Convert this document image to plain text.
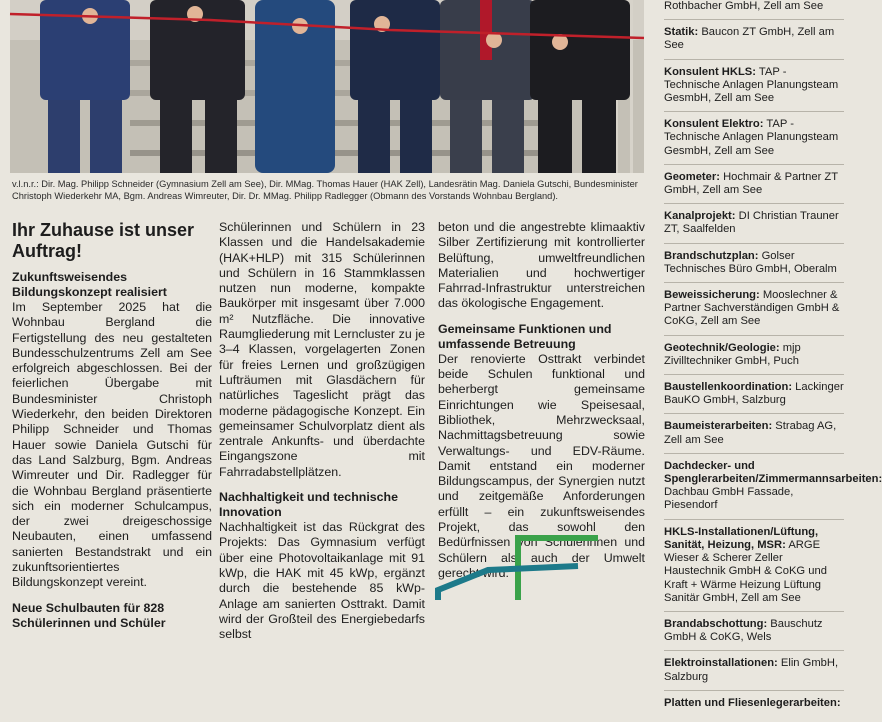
v.l.n.r.: Dir. Mag. Philipp Schneider (Gymnasium Zell am See), Dir. MMag. Thomas Hauer (HAK Zell), Landesrätin Mag. Daniela Gutschi, Bundesminister Christoph Wiederkehr MA, Bgm. Andreas Wimreuter, Dir. Dr. MMag. Philipp Radlegger (Obmann des Vorstands Wohnbau Bergland).
Ihr Zuhause ist unser Auftrag!
Zukunftsweisendes Bildungskonzept realisiert

Im September 2025 hat die Wohnbau Bergland die Fertigstellung des neu gestalteten Bundesschulzentrums Zell am See erfolgreich abgeschlossen. Bei der feierlichen Übergabe mit Bundesminister Christoph Wiederkehr, den beiden Direktoren Philipp Schneider und Thomas Hauer sowie Daniela Gutschi für das Land Salzburg, Bgm. Andreas Wimreuter und Dir. Radlegger für die Wohnbau Bergland präsentierte sich ein moderner Schulcampus, der zwei dreigeschossige Neubauten, einen umfassend sanierten Bestandstrakt und ein zukunftsorientiertes Bildungskonzept vereint.

Neue Schulbauten für 828 Schülerinnen und Schüler

Schülerinnen und Schülern in 23 Klassen und die Handelsakademie (HAK+HLP) mit 315 Schülerinnen und Schülern in 16 Stammklassen nutzen nun moderne, kompakte Baukörper mit insgesamt über 7.000 m² Nutzfläche. Die innovative Raumgliederung mit Lerncluster zu je 3–4 Klassen, vorgelagerten Zonen für freies Lernen und großzügigen Lufträumen mit Glasdächern für natürliches Tageslicht prägt das moderne pädagogische Konzept. Ein gemeinsamer Schulvorplatz dient als zentrale Ankunfts- und überdachte Eingangszone mit Fahrradabstellplätzen.

Nachhaltigkeit und technische Innovation

Nachhaltigkeit ist das Rückgrat des Projekts: Das Gymnasium verfügt über eine Photovoltaikanlage mit 91 kWp, die HAK mit 45 kWp, ergänzt durch die bestehende 85 kWp-Anlage am sanierten Osttrakt. Damit wird der Großteil des Energiebedarfs selbst

beton und die angestrebte klimaaktiv Silber Zertifizierung mit kontrollierter Belüftung, umweltfreundlichen Materialien und hochwertiger Fahrrad-Infrastruktur unterstreichen das ökologische Engagement.

Gemeinsame Funktionen und umfassende Betreuung

Der renovierte Osttrakt verbindet beide Schulen funktional und beherbergt gemeinsame Einrichtungen wie Speisesaal, Bibliothek, Mehrzwecksaal, Nachmittagsbetreuung sowie Verwaltungs- und EDV-Räume. Damit entstand ein moderner Bildungscampus, der Synergien nutzt und zeitgemäße Anforderungen erfüllt – ein zukunftsweisendes Projekt, das sowohl den Bedürfnissen von Schülerinnen und Schülern als auch der Umwelt gerecht wird.

Rothbacher GmbH, Zell am See
Statik: Baucon ZT GmbH, Zell am See
Konsulent HKLS: TAP - Technische Anlagen Planungsteam GesmbH, Zell am See
Konsulent Elektro: TAP - Technische Anlagen Planungsteam GesmbH, Zell am See
Geometer: Hochmair & Partner ZT GmbH, Zell am See
Kanalprojekt: DI Christian Trauner ZT, Saalfelden
Brandschutzplan: Golser Technisches Büro GmbH, Oberalm
Beweissicherung: Mooslechner & Partner Sachverständigen GmbH & CoKG, Zell am See
Geotechnik/Geologie: mjp Zivilltechniker GmbH, Puch
Baustellenkoordination: Lackinger BauKO GmbH, Salzburg
Baumeisterarbeiten: Strabag AG, Zell am See
Dachdecker- und Spenglerarbeiten/Zimmermannsarbeiten: Dachbau GmbH Fassade, Piesendorf
HKLS-Installationen/Lüftung, Sanität, Heizung, MSR: ARGE Wieser & Scherer Zeller Haustechnik GmbH & CoKG und Kraft + Wärme Heizung Lüftung Sanitär GmbH, Zell am See
Brandabschottung: Bauschutz GmbH & CoKG, Wels
Elektroinstallationen: Elin GmbH, Salzburg
Platten und Fliesenlegerarbeiten:
